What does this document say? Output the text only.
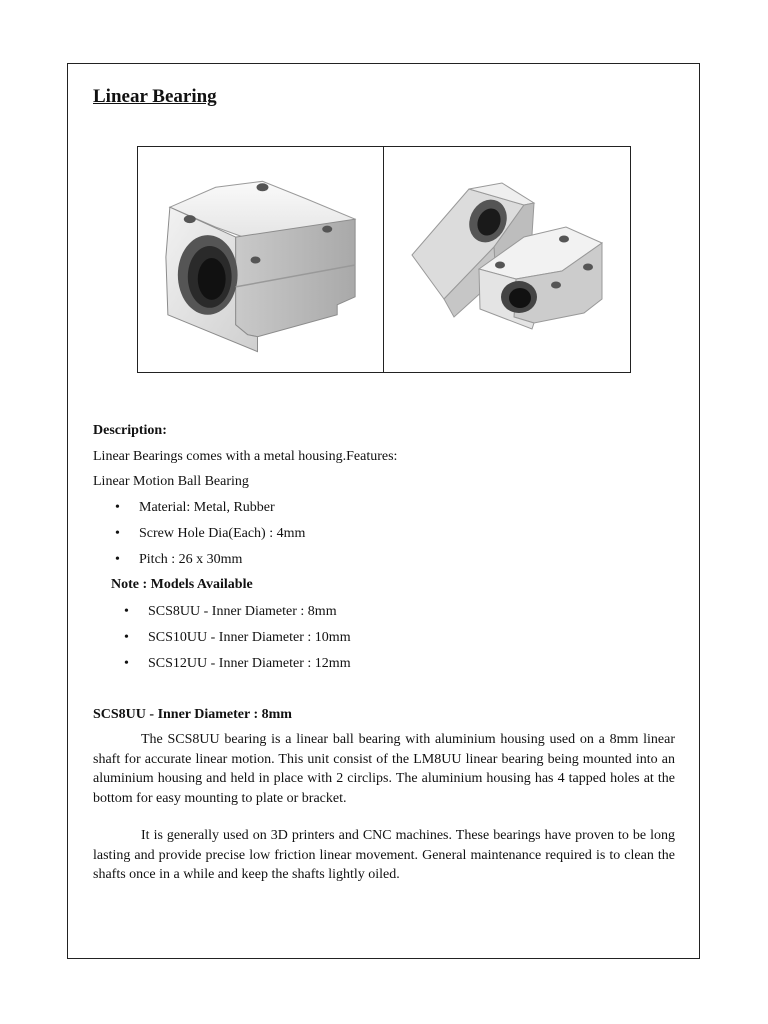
Linear Bearing
Description:
Linear Bearings comes with a metal housing.Features:
Linear Motion Ball Bearing
• Material: Metal, Rubber
• Screw Hole Dia(Each) : 4mm
• Pitch : 26 x 30mm
Note : Models Available
• SCS8UU - Inner Diameter : 8mm
• SCS10UU - Inner Diameter : 10mm
• SCS12UU - Inner Diameter : 12mm
SCS8UU - Inner Diameter : 8mm

The SCS8UU bearing is a linear ball bearing with aluminium housing used on a 8mm linear shaft for accurate linear motion. This unit consist of the LM8UU linear bearing being mounted into an aluminium housing and held in place with 2 circlips. The aluminium housing has 4 tapped holes at the bottom for easy mounting to plate or bracket.

It is generally used on 3D printers and CNC machines. These bearings have proven to be long lasting and provide precise low friction linear movement. General maintenance required is to clean the shafts once in a while and keep the shafts lightly oiled.
